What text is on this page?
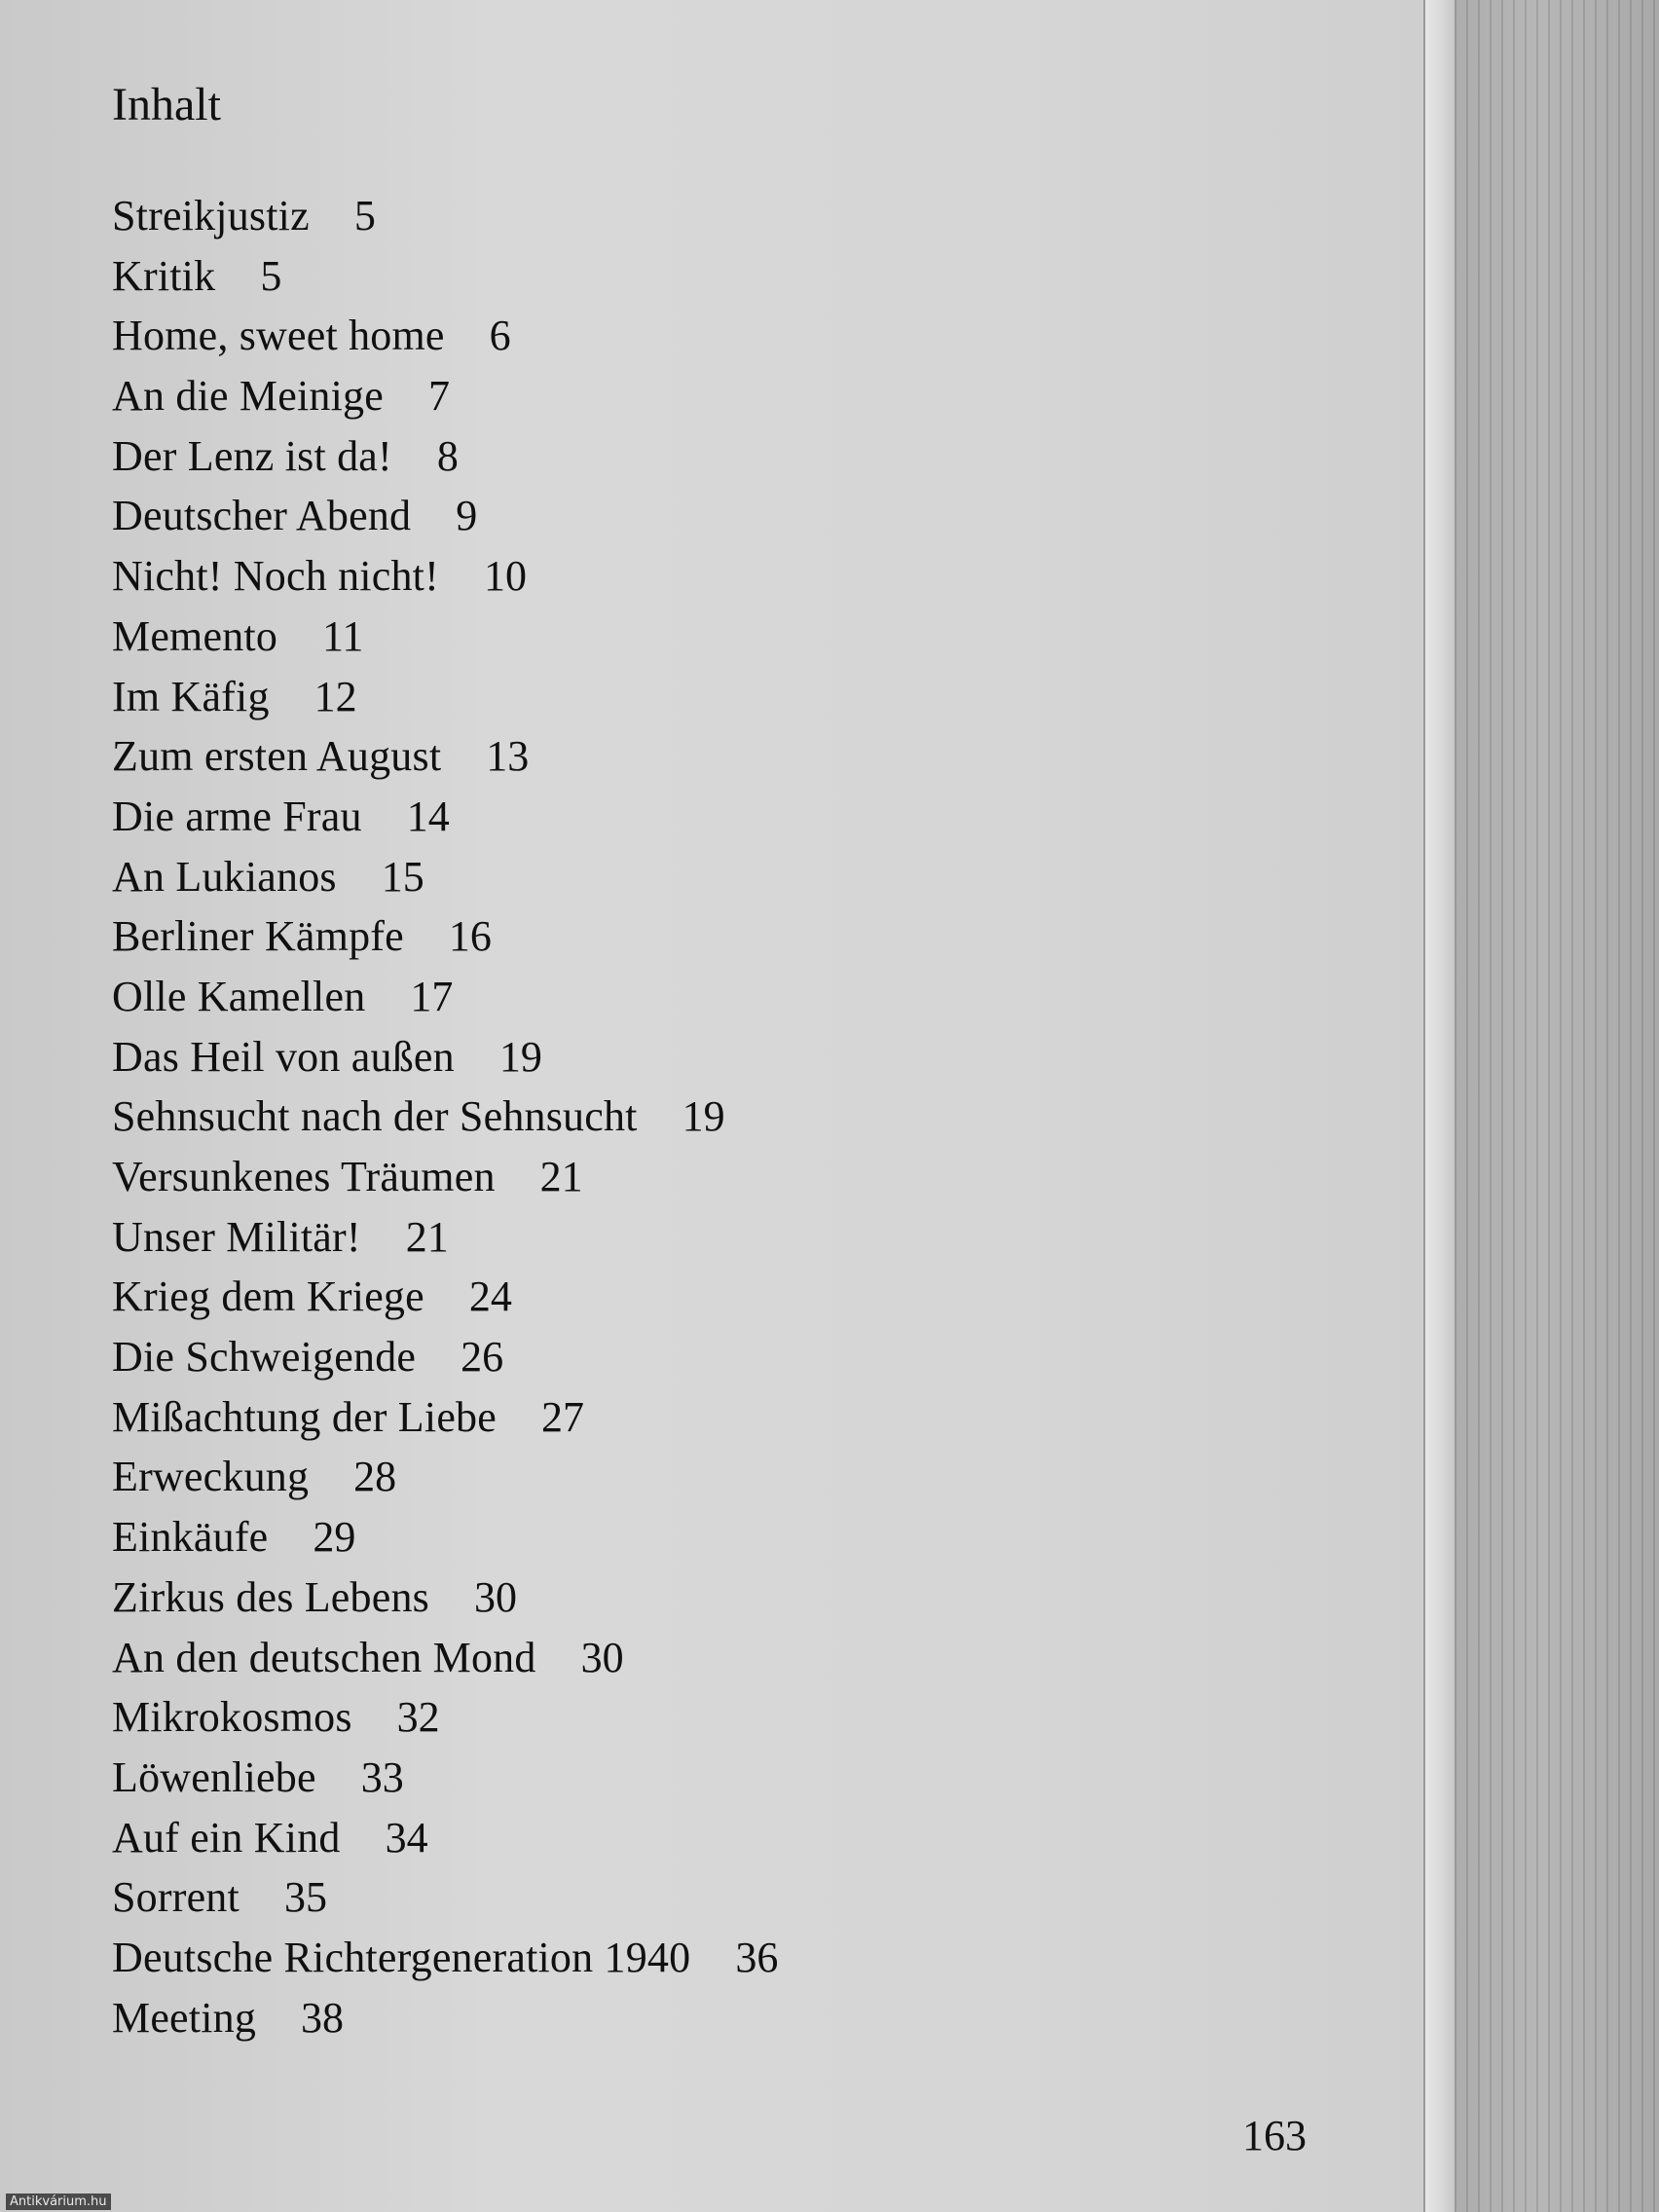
Inhalt
Streikjustiz 5
Kritik 5
Home, sweet home 6
An die Meinige 7
Der Lenz ist da! 8
Deutscher Abend 9
Nicht! Noch nicht! 10
Memento 11
Im Käfig 12
Zum ersten August 13
Die arme Frau 14
An Lukianos 15
Berliner Kämpfe 16
Olle Kamellen 17
Das Heil von außen 19
Sehnsucht nach der Sehnsucht 19
Versunkenes Träumen 21
Unser Militär! 21
Krieg dem Kriege 24
Die Schweigende 26
Mißachtung der Liebe 27
Erweckung 28
Einkäufe 29
Zirkus des Lebens 30
An den deutschen Mond 30
Mikrokosmos 32
Löwenliebe 33
Auf ein Kind 34
Sorrent 35
Deutsche Richtergeneration 1940 36
Meeting 38
163
Antikvárium.hu
